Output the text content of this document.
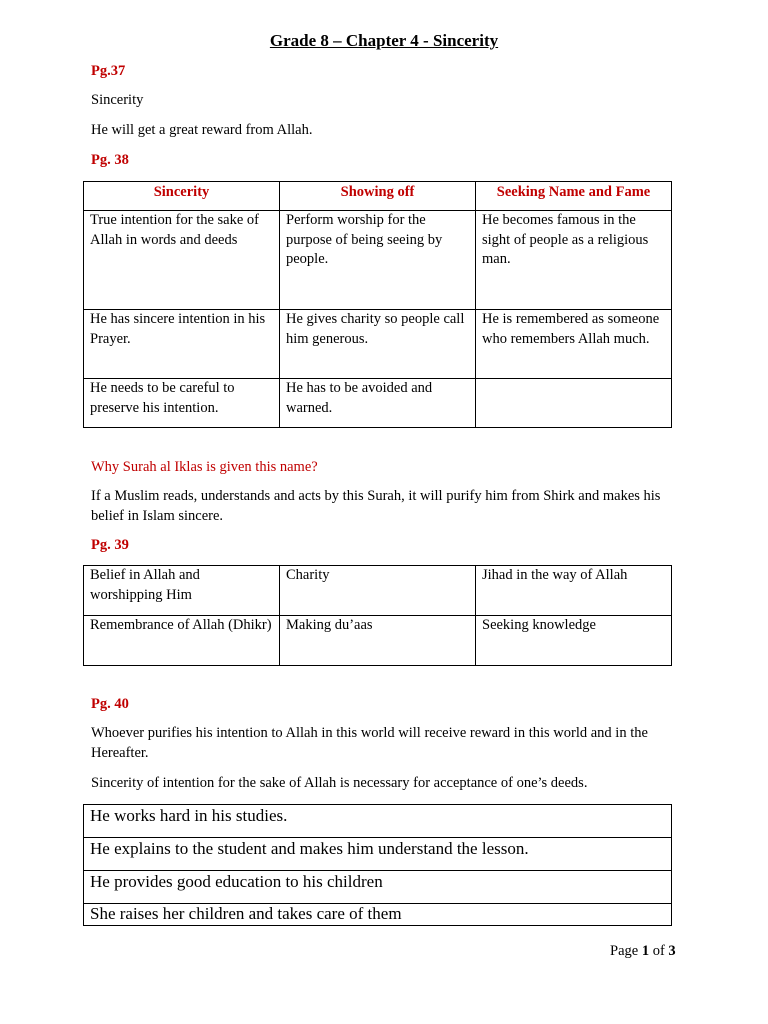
Grade 8 – Chapter 4 - Sincerity
Pg.37
Sincerity
He will get a great reward from Allah.
Pg. 38
Sincerity	Showing off	Seeking Name and Fame
True intention for the sake of Allah in words and deeds	Perform worship for the purpose of being seeing by people.	He becomes famous in the sight of people as a religious man.
He has sincere intention in his Prayer.	He gives charity so people call him generous.	He is remembered as someone who remembers Allah much.
He needs to be careful to preserve his intention.	He has to be avoided and warned.	
Why Surah al Iklas is given this name?
If a Muslim reads, understands and acts by this Surah, it will purify him from Shirk and makes his belief in Islam sincere.
Pg. 39
Belief in Allah and worshipping Him	Charity	Jihad in the way of Allah
Remembrance of Allah (Dhikr)	Making du’aas	Seeking knowledge
Pg. 40
Whoever purifies his intention to Allah in this world will receive reward in this world and in the Hereafter.
Sincerity of intention for the sake of Allah is necessary for acceptance of one’s deeds.
He works hard in his studies.
He explains to the student and makes him understand the lesson.
He provides good education to his children
She raises her children and takes care of them
Page 1 of 3
